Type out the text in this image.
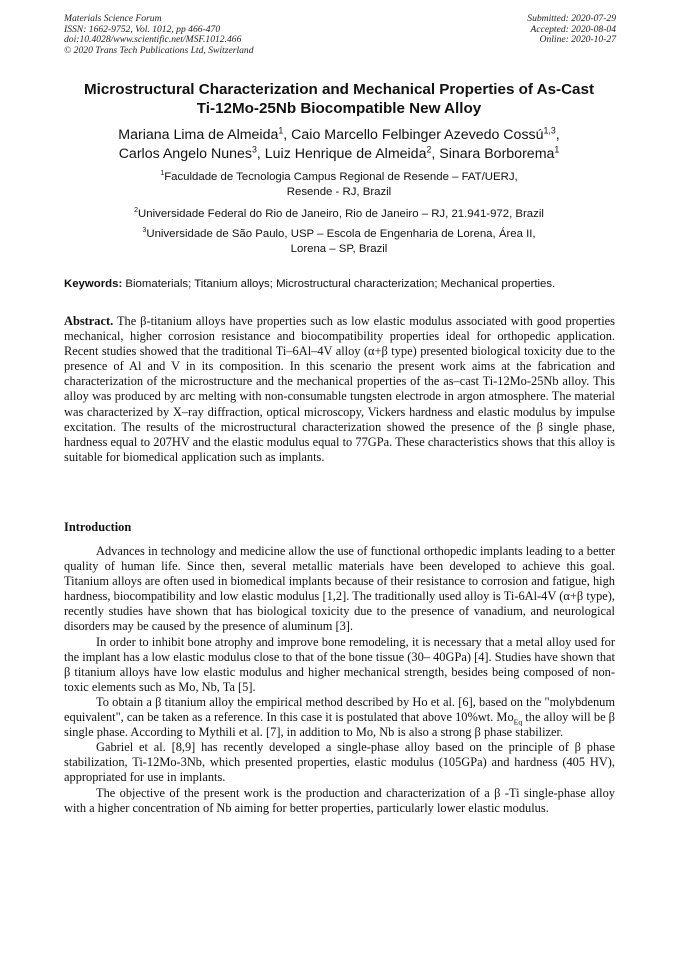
Materials Science Forum
ISSN: 1662-9752, Vol. 1012, pp 466-470
doi:10.4028/www.scientific.net/MSF.1012.466
© 2020 Trans Tech Publications Ltd, Switzerland
Submitted: 2020-07-29
Accepted: 2020-08-04
Online: 2020-10-27
Microstructural Characterization and Mechanical Properties of As-Cast
Ti-12Mo-25Nb Biocompatible New Alloy
Mariana Lima de Almeida$^1$, Caio Marcello Felbinger Azevedo Cossú$^{1,3}$,
Carlos Angelo Nunes$^3$, Luiz Henrique de Almeida$^2$, Sinara Borborema$^1$
$^1$Faculdade de Tecnologia Campus Regional de Resende – FAT/UERJ,
Resende - RJ, Brazil
$^2$Universidade Federal do Rio de Janeiro, Rio de Janeiro – RJ, 21.941-972, Brazil
$^3$Universidade de São Paulo, USP – Escola de Engenharia de Lorena, Área II,
Lorena – SP, Brazil
Keywords: Biomaterials; Titanium alloys; Microstructural characterization; Mechanical properties.
Abstract. The β-titanium alloys have properties such as low elastic modulus associated with good properties mechanical, higher corrosion resistance and biocompatibility properties ideal for orthopedic application. Recent studies showed that the traditional Ti–6Al–4V alloy (α+β type) presented biological toxicity due to the presence of Al and V in its composition. In this scenario the present work aims at the fabrication and characterization of the microstructure and the mechanical properties of the as–cast Ti-12Mo-25Nb alloy. This alloy was produced by arc melting with non-consumable tungsten electrode in argon atmosphere. The material was characterized by X–ray diffraction, optical microscopy, Vickers hardness and elastic modulus by impulse excitation. The results of the microstructural characterization showed the presence of the β single phase, hardness equal to 207HV and the elastic modulus equal to 77GPa. These characteristics shows that this alloy is suitable for biomedical application such as implants.
Introduction

Advances in technology and medicine allow the use of functional orthopedic implants leading to a better quality of human life. Since then, several metallic materials have been developed to achieve this goal. Titanium alloys are often used in biomedical implants because of their resistance to corrosion and fatigue, high hardness, biocompatibility and low elastic modulus [1,2]. The traditionally used alloy is Ti-6Al-4V (α+β type), recently studies have shown that has biological toxicity due to the presence of vanadium, and neurological disorders may be caused by the presence of aluminum [3].

In order to inhibit bone atrophy and improve bone remodeling, it is necessary that a metal alloy used for the implant has a low elastic modulus close to that of the bone tissue (30– 40GPa) [4]. Studies have shown that β titanium alloys have low elastic modulus and higher mechanical strength, besides being composed of non-toxic elements such as Mo, Nb, Ta [5].

To obtain a β titanium alloy the empirical method described by Ho et al. [6], based on the "molybdenum equivalent", can be taken as a reference. In this case it is postulated that above 10%wt. $Mo_{Eq}$ the alloy will be β single phase. According to Mythili et al. [7], in addition to Mo, Nb is also a strong β phase stabilizer.

Gabriel et al. [8,9] has recently developed a single-phase alloy based on the principle of β phase stabilization, Ti-12Mo-3Nb, which presented properties, elastic modulus (105GPa) and hardness (405 HV), appropriated for use in implants.

The objective of the present work is the production and characterization of a β -Ti single-phase alloy with a higher concentration of Nb aiming for better properties, particularly lower elastic modulus.
